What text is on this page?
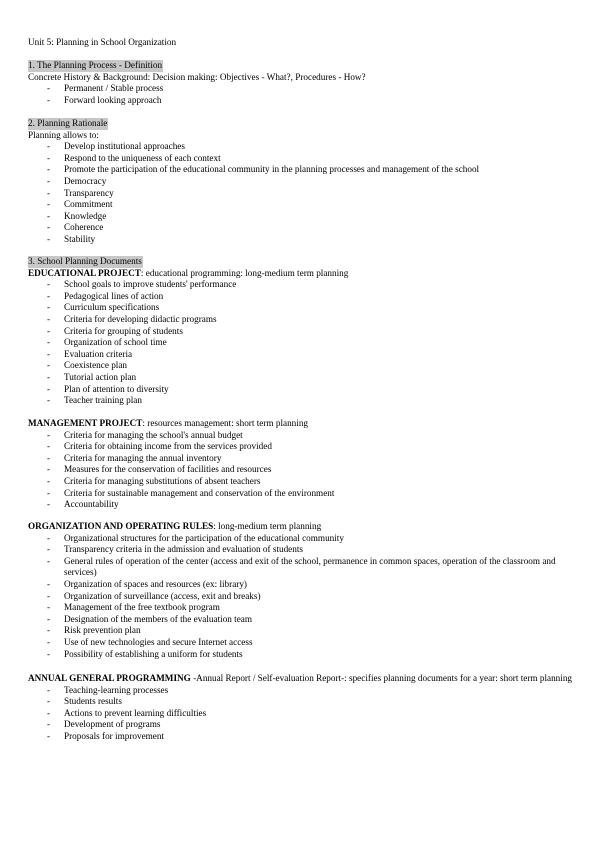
Unit 5: Planning in School Organization
1. The Planning Process - Definition
Concrete History & Background: Decision making: Objectives - What?, Procedures - How?
- Permanent / Stable process
- Forward looking approach
2. Planning Rationale
Planning allows to:
- Develop institutional approaches
- Respond to the uniqueness of each context
- Promote the participation of the educational community in the planning processes and management of the school
- Democracy
- Transparency
- Commitment
- Knowledge
- Coherence
- Stability
3. School Planning Documents
EDUCATIONAL PROJECT: educational programming: long-medium term planning
- School goals to improve students' performance
- Pedagogical lines of action
- Curriculum specifications
- Criteria for developing didactic programs
- Criteria for grouping of students
- Organization of school time
- Evaluation criteria
- Coexistence plan
- Tutorial action plan
- Plan of attention to diversity
- Teacher training plan
MANAGEMENT PROJECT: resources management: short term planning
- Criteria for managing the school's annual budget
- Criteria for obtaining income from the services provided
- Criteria for managing the annual inventory
- Measures for the conservation of facilities and resources
- Criteria for managing substitutions of absent teachers
- Criteria for sustainable management and conservation of the environment
- Accountability
ORGANIZATION AND OPERATING RULES: long-medium term planning
- Organizational structures for the participation of the educational community
- Transparency criteria in the admission and evaluation of students
- General rules of operation of the center (access and exit of the school, permanence in common spaces, operation of the classroom and services)
- Organization of spaces and resources (ex: library)
- Organization of surveillance (access, exit and breaks)
- Management of the free textbook program
- Designation of the members of the evaluation team
- Risk prevention plan
- Use of new technologies and secure Internet access
- Possibility of establishing a uniform for students
ANNUAL GENERAL PROGRAMMING -Annual Report / Self-evaluation Report-: specifies planning documents for a year: short term planning
- Teaching-learning processes
- Students results
- Actions to prevent learning difficulties
- Development of programs
- Proposals for improvement
